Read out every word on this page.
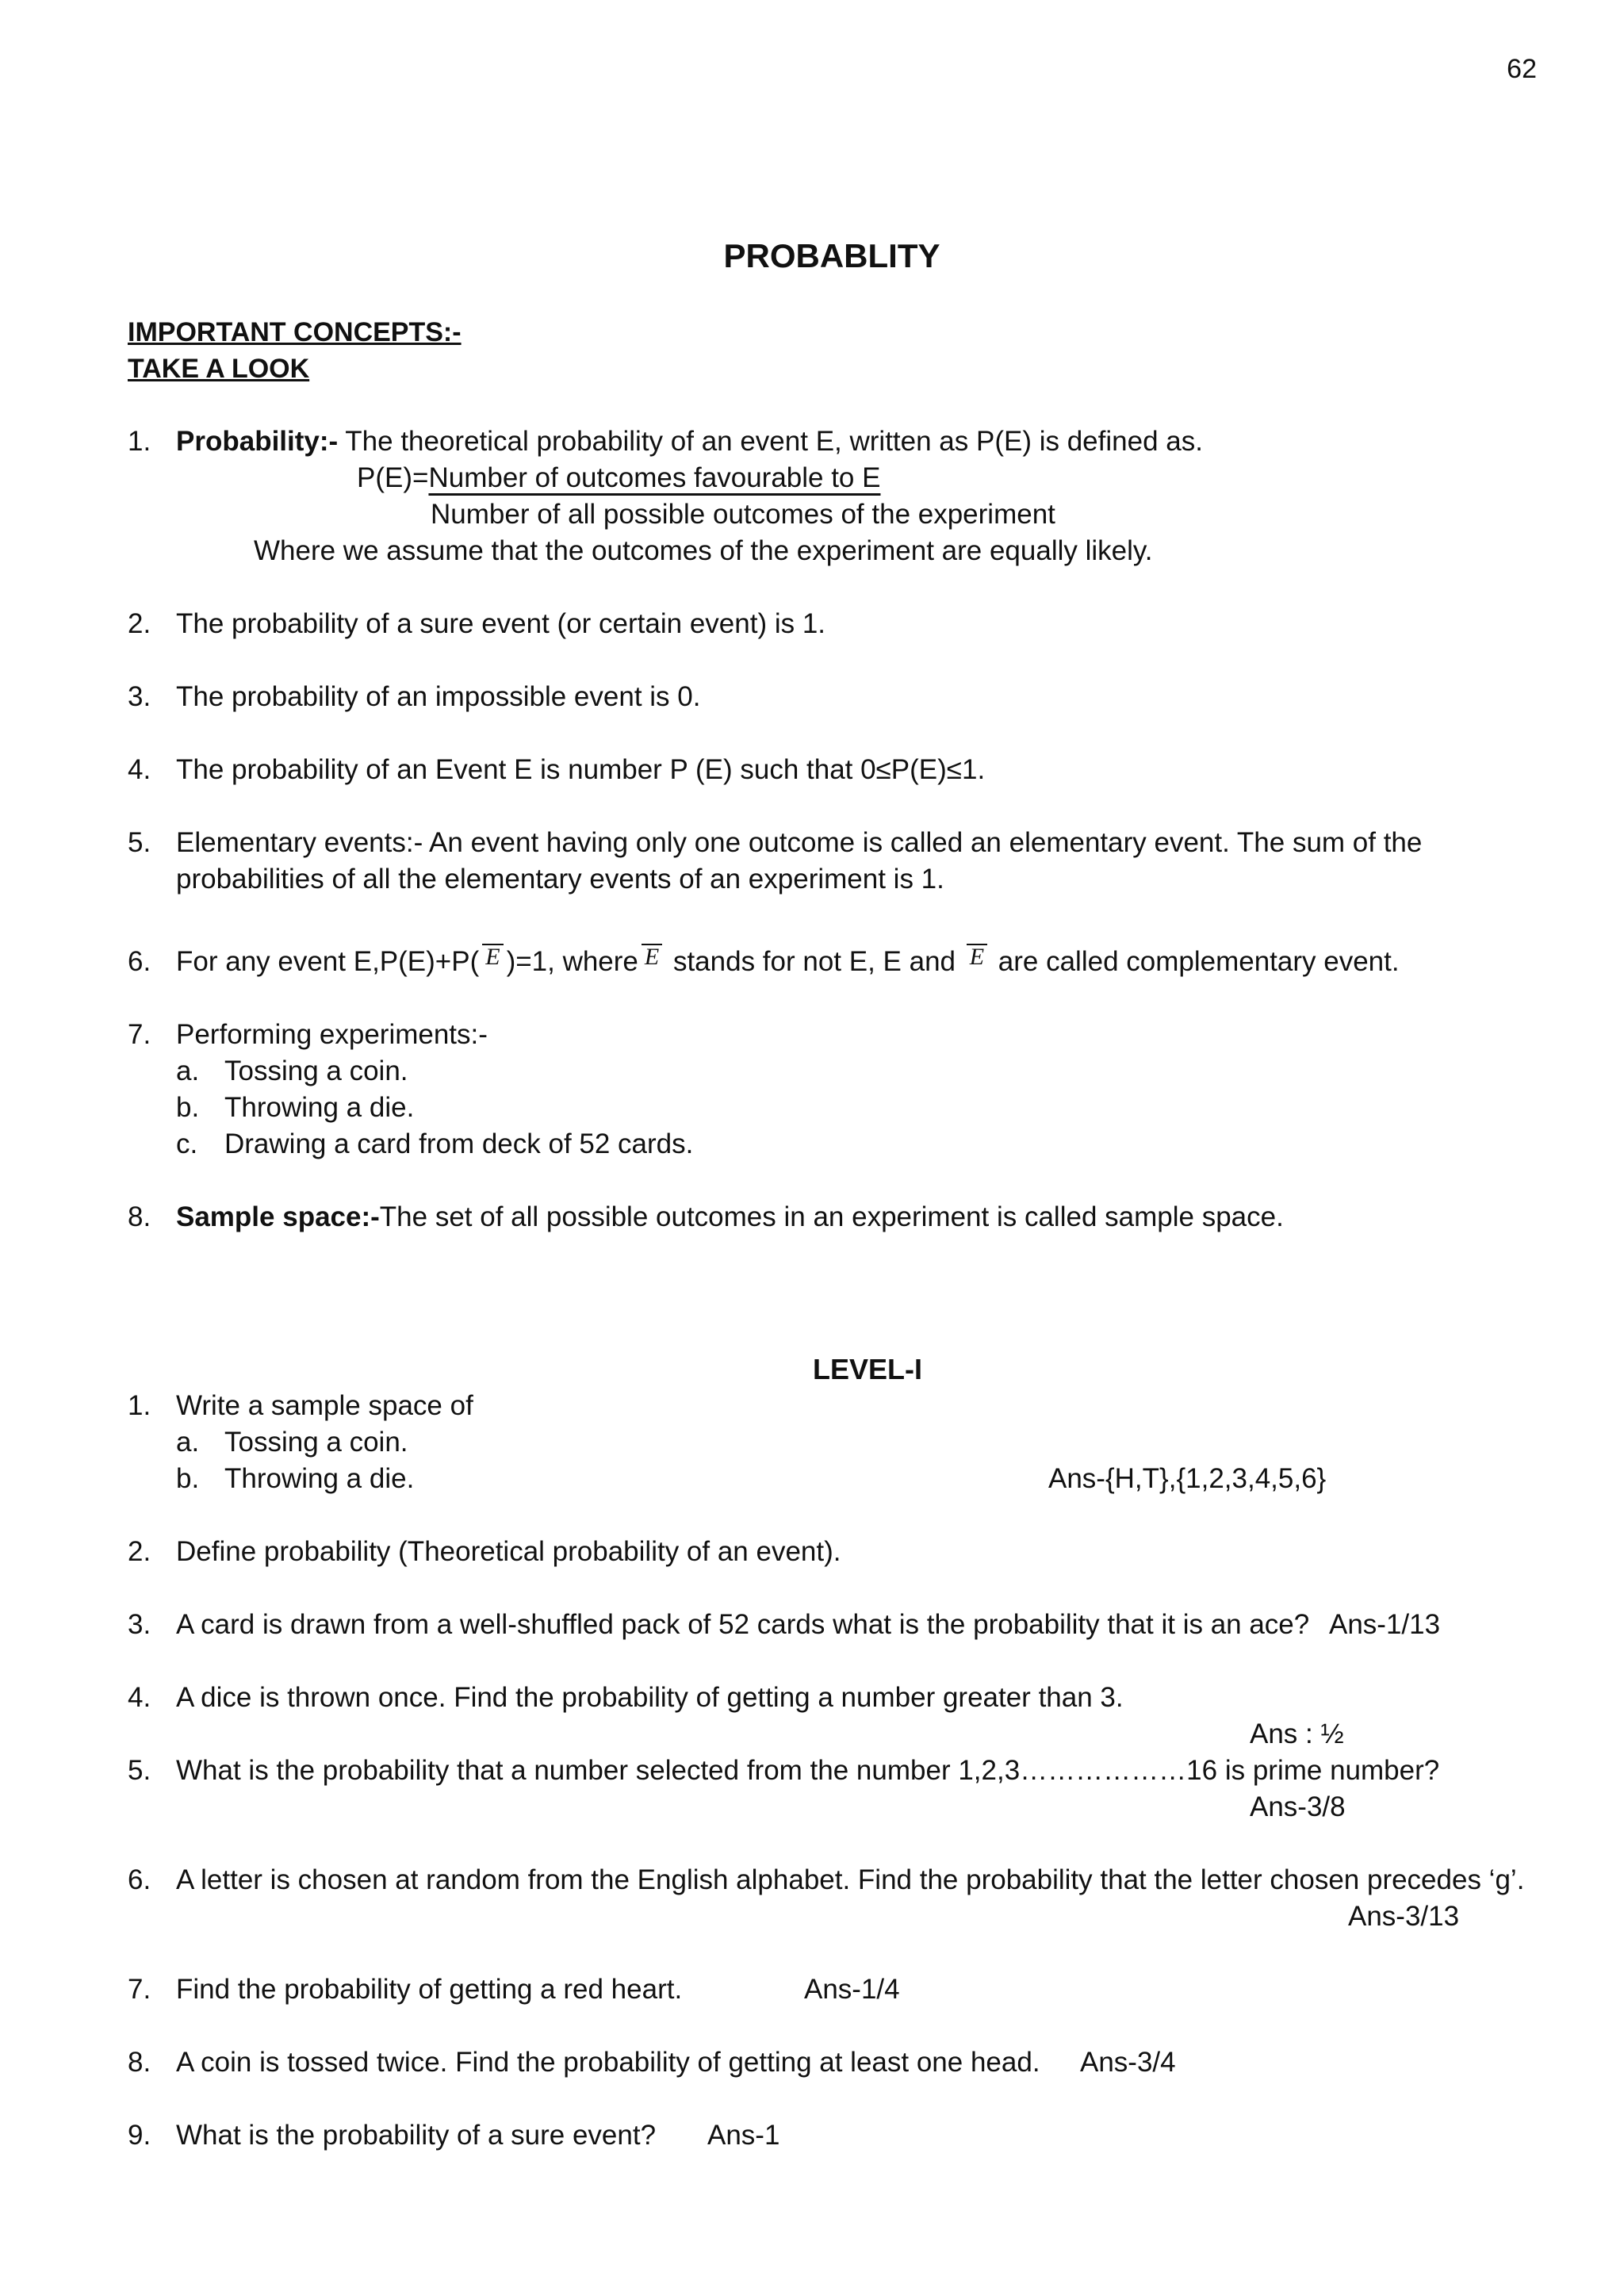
62
PROBABLITY
IMPORTANT CONCEPTS:-
TAKE A LOOK
1. Probability:- The theoretical probability of an event E, written as P(E) is defined as.
P(E)=Number of outcomes favourable to E
Number of all possible outcomes of the experiment
Where we assume that the outcomes of the experiment are equally likely.
2. The probability of a sure event (or certain event) is 1.
3. The probability of an impossible event is 0.
4. The probability of an Event E is number P (E) such that 0≤P(E)≤1.
5. Elementary events:- An event having only one outcome is called an elementary event. The sum of the
probabilities of all the elementary events of an experiment is 1.
6. For any event E,P(E)+P( E )=1, where E stands for not E, E and E are called complementary event.
7. Performing experiments:-
a. Tossing a coin.
b. Throwing a die.
c. Drawing a card from deck of 52 cards.
8. Sample space:-The set of all possible outcomes in an experiment is called sample space.
LEVEL-I
1. Write a sample space of
a. Tossing a coin.
b. Throwing a die.	Ans-{H,T},{1,2,3,4,5,6}
2. Define probability (Theoretical probability of an event).
3. A card is drawn from a well-shuffled pack of 52 cards what is the probability that it is an ace? Ans-1/13
4. A dice is thrown once. Find the probability of getting a number greater than 3.
Ans : ½
5. What is the probability that a number selected from the number 1,2,3………………16 is prime number?
Ans-3/8
6. A letter is chosen at random from the English alphabet. Find the probability that the letter chosen precedes ‘g’.
Ans-3/13
7. Find the probability of getting a red heart.	Ans-1/4
8. A coin is tossed twice. Find the probability of getting at least one head. Ans-3/4
9. What is the probability of a sure event? Ans-1
